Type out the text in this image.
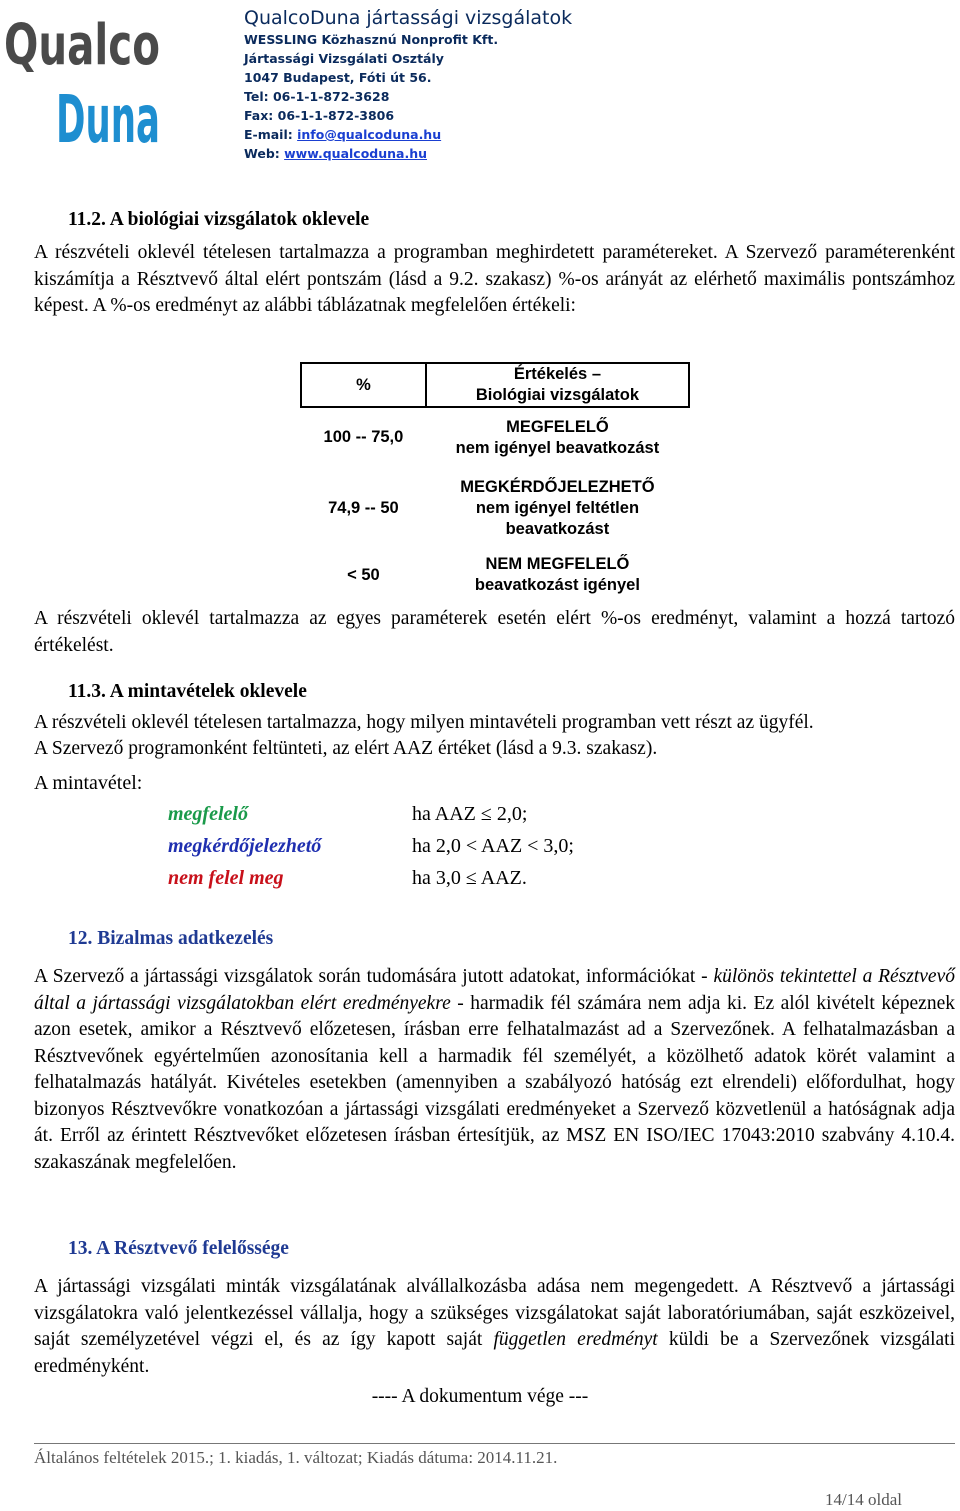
Qualco
Duna
QualcoDuna jártassági vizsgálatok
WESSLING Közhasznú Nonprofit Kft.
Jártassági Vizsgálati Osztály
1047 Budapest, Fóti út 56.
Tel: 06-1-1-872-3628
Fax: 06-1-1-872-3806
E-mail: info@qualcoduna.hu
Web: www.qualcoduna.hu
11.2. A biológiai vizsgálatok oklevele
A részvételi oklevél tételesen tartalmazza a programban meghirdetett paramétereket. A Szervező paraméterenként kiszámítja a Résztvevő által elért pontszám (lásd a 9.2. szakasz) %-os arányát az elérhető maximális pontszámhoz képest. A %-os eredményt az alábbi táblázatnak megfelelően értékeli:
%	Értékelés –
Biológiai vizsgálatok

100 -- 75,0	MEGFELELŐ
nem igényel beavatkozást

74,9 -- 50	MEGKÉRDŐJELEZHETŐ
nem igényel feltétlen
beavatkozást

< 50	NEM MEGFELELŐ
beavatkozást igényel
A részvételi oklevél tartalmazza az egyes paraméterek esetén elért %-os eredményt, valamint a hozzá tartozó értékelést.
11.3. A mintavételek oklevele
A részvételi oklevél tételesen tartalmazza, hogy milyen mintavételi programban vett részt az ügyfél.
A Szervező programonként feltünteti, az elért AAZ értéket (lásd a 9.3. szakasz).
A mintavétel:
megfelelő	ha AAZ ≤ 2,0;
megkérdőjelezhető	ha 2,0 < AAZ < 3,0;
nem felel meg	ha 3,0 ≤ AAZ.
12. Bizalmas adatkezelés
A Szervező a jártassági vizsgálatok során tudomására jutott adatokat, információkat - különös tekintettel a Résztvevő által a jártassági vizsgálatokban elért eredményekre - harmadik fél számára nem adja ki. Ez alól kivételt képeznek azon esetek, amikor a Résztvevő előzetesen, írásban erre felhatalmazást ad a Szervezőnek. A felhatalmazásban a Résztvevőnek egyértelműen azonosítania kell a harmadik fél személyét, a közölhető adatok körét valamint a felhatalmazás hatályát. Kivételes esetekben (amennyiben a szabályozó hatóság ezt elrendeli) előfordulhat, hogy bizonyos Résztvevőkre vonatkozóan a jártassági vizsgálati eredményeket a Szervező közvetlenül a hatóságnak adja át. Erről az érintett Résztvevőket előzetesen írásban értesítjük, az MSZ EN ISO/IEC 17043:2010 szabvány 4.10.4. szakaszának megfelelően.
13. A Résztvevő felelőssége
A jártassági vizsgálati minták vizsgálatának alvállalkozásba adása nem megengedett. A Résztvevő a jártassági vizsgálatokra való jelentkezéssel vállalja, hogy a szükséges vizsgálatokat saját laboratóriumában, saját eszközeivel, saját személyzetével végzi el, és az így kapott saját független eredményt küldi be a Szervezőnek vizsgálati eredményként.
---- A dokumentum vége ---
Általános feltételek 2015.; 1. kiadás, 1. változat; Kiadás dátuma: 2014.11.21.
14/14 oldal
